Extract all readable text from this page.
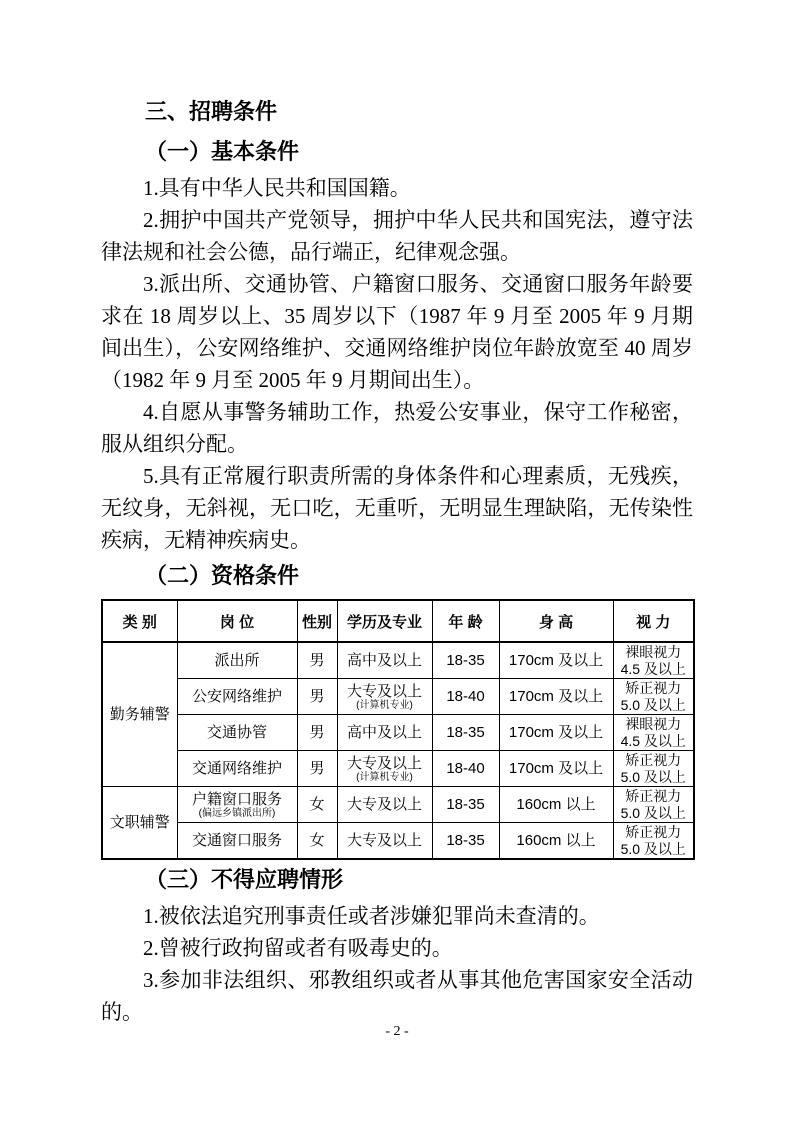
三、招聘条件

（一）基本条件

1.具有中华人民共和国国籍。

2.拥护中国共产党领导，拥护中华人民共和国宪法，遵守法律法规和社会公德，品行端正，纪律观念强。

3.派出所、交通协管、户籍窗口服务、交通窗口服务年龄要求在 18 周岁以上、35 周岁以下（1987 年 9 月至 2005 年 9 月期间出生），公安网络维护、交通网络维护岗位年龄放宽至 40 周岁（1982 年 9 月至 2005 年 9 月期间出生）。

4.自愿从事警务辅助工作，热爱公安事业，保守工作秘密，服从组织分配。

5.具有正常履行职责所需的身体条件和心理素质，无残疾，无纹身，无斜视，无口吃，无重听，无明显生理缺陷，无传染性疾病，无精神疾病史。

（二）资格条件

类 别	岗 位	性别	学历及专业	年 龄	身 高	视 力
勤务辅警	派出所	男	高中及以上	18-35	170cm 及以上	裸眼视力
4.5 及以上

	公安网络维护	男	大专及以上
(计算机专业)	18-40	170cm 及以上	矫正视力
5.0 及以上

	交通协管	男	高中及以上	18-35	170cm 及以上	裸眼视力
4.5 及以上

	交通网络维护	男	大专及以上
(计算机专业)	18-40	170cm 及以上	矫正视力
5.0 及以上

文职辅警	户籍窗口服务
(偏远乡镇派出所)	女	大专及以上	18-35	160cm 以上	矫正视力
5.0 及以上

	交通窗口服务	女	大专及以上	18-35	160cm 以上	矫正视力
5.0 及以上

（三）不得应聘情形

1.被依法追究刑事责任或者涉嫌犯罪尚未查清的。

2.曾被行政拘留或者有吸毒史的。

3.参加非法组织、邪教组织或者从事其他危害国家安全活动的。

- 2 -
